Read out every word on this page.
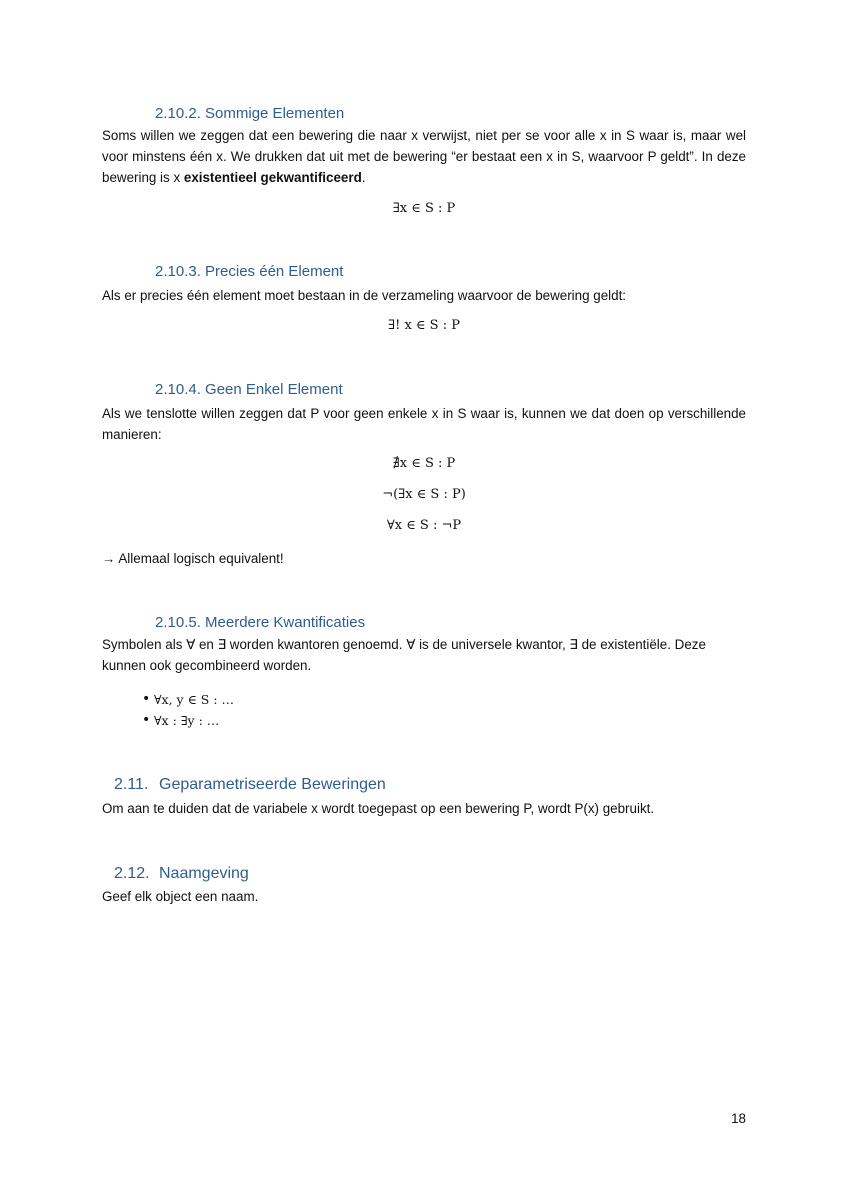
2.10.2. Sommige Elementen

Soms willen we zeggen dat een bewering die naar x verwijst, niet per se voor alle x in S waar is, maar wel voor minstens één x. We drukken dat uit met de bewering “er bestaat een x in S, waarvoor P geldt”. In deze bewering is x existentieel gekwantificeerd.

∃x ∈ S : P

2.10.3. Precies één Element

Als er precies één element moet bestaan in de verzameling waarvoor de bewering geldt:

∃! x ∈ S : P

2.10.4. Geen Enkel Element

Als we tenslotte willen zeggen dat P voor geen enkele x in S waar is, kunnen we dat doen op verschillende manieren:

∄x ∈ S : P

¬(∃x ∈ S : P)

∀x ∈ S : ¬P

→ Allemaal logisch equivalent!

2.10.5. Meerdere Kwantificaties

Symbolen als ∀ en ∃ worden kwantoren genoemd. ∀ is de universele kwantor, ∃ de existentiële. Deze kunnen ook gecombineerd worden.

• ∀x, y ∈ S : …
• ∀x : ∃y : …
2.11. Geparametriseerde Beweringen

Om aan te duiden dat de variabele x wordt toegepast op een bewering P, wordt P(x) gebruikt.

2.12. Naamgeving

Geef elk object een naam.

18
